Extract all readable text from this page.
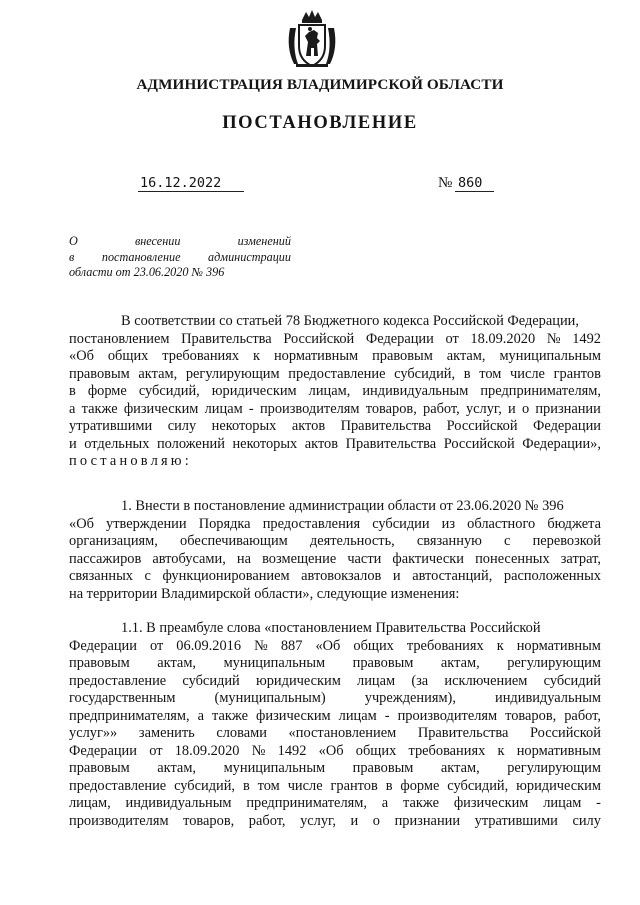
АДМИНИСТРАЦИЯ ВЛАДИМИРСКОЙ ОБЛАСТИ
ПОСТАНОВЛЕНИЕ
16.12.2022	№ 860
О	внесении	изменений
в постановление администрации
области от 23.06.2020 № 396
В соответствии со статьей 78 Бюджетного кодекса Российской Федерации,
постановлением Правительства Российской Федерации от 18.09.2020 № 1492
«Об общих требованиях к нормативным правовым актам, муниципальным
правовым актам, регулирующим предоставление субсидий, в том числе грантов
в форме субсидий, юридическим лицам, индивидуальным предпринимателям,
а также физическим лицам - производителям товаров, работ, услуг, и о признании
утратившими силу некоторых актов Правительства Российской Федерации
и отдельных положений некоторых актов Правительства Российской Федерации»,
постановляю:
1. Внести в постановление администрации области от 23.06.2020 № 396
«Об утверждении Порядка предоставления субсидии из областного бюджета
организациям, обеспечивающим деятельность, связанную с перевозкой
пассажиров автобусами, на возмещение части фактически понесенных затрат,
связанных с функционированием автовокзалов и автостанций, расположенных
на территории Владимирской области», следующие изменения:
1.1. В преамбуле слова «постановлением Правительства Российской
Федерации от 06.09.2016 № 887 «Об общих требованиях к нормативным
правовым актам, муниципальным правовым актам, регулирующим
предоставление субсидий юридическим лицам (за исключением субсидий
государственным	(муниципальным)	учреждениям),	индивидуальным
предпринимателям, а также физическим лицам - производителям товаров, работ,
услуг»» заменить словами «постановлением Правительства Российской
Федерации от 18.09.2020 № 1492 «Об общих требованиях к нормативным
правовым актам, муниципальным правовым актам, регулирующим
предоставление субсидий, в том числе грантов в форме субсидий, юридическим
лицам, индивидуальным предпринимателям, а также физическим лицам -
производителям товаров, работ, услуг, и о признании утратившими силу
